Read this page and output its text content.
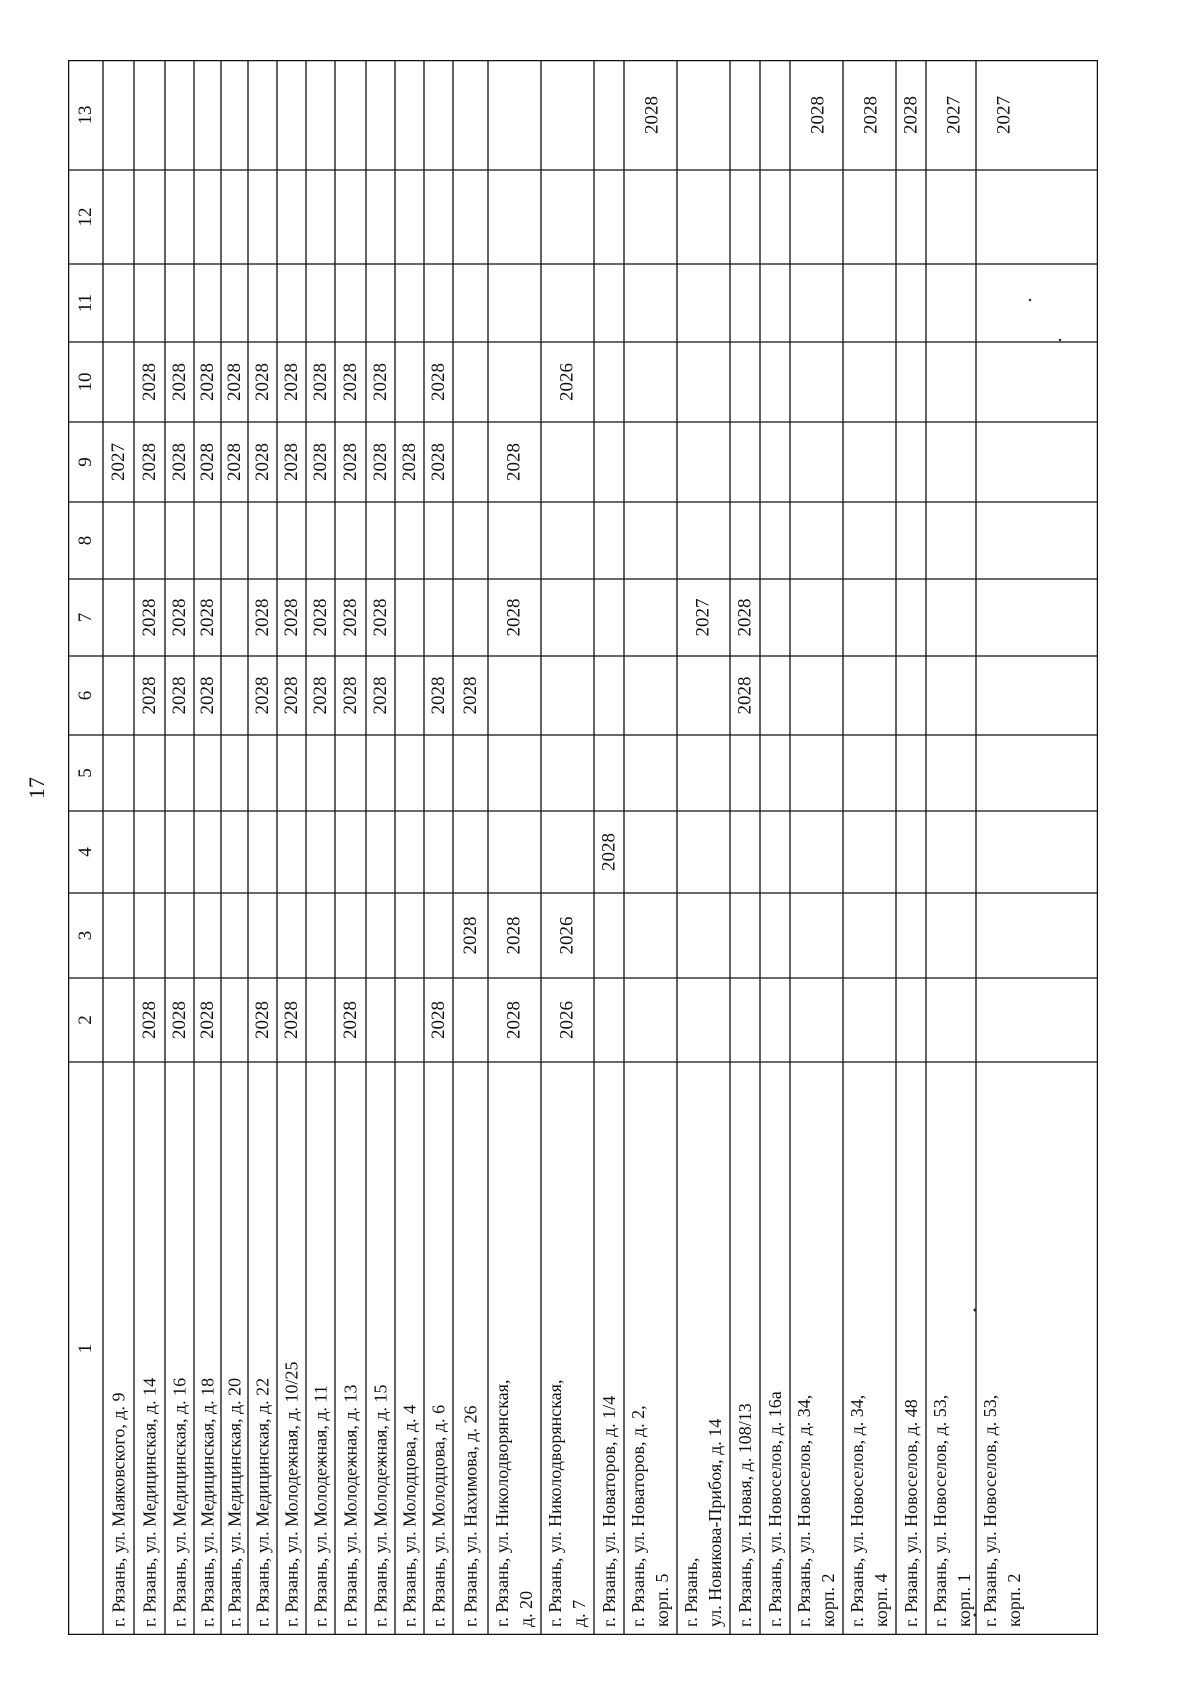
17
1
2
3
4
5
6
7
8
9
10
11
12
13
г. Рязань, ул. Маяковского, д. 9
2027
г. Рязань, ул. Медицинская, д. 14
2028
2028
2028
2028
2028
г. Рязань, ул. Медицинская, д. 16
2028
2028
2028
2028
2028
г. Рязань, ул. Медицинская, д. 18
2028
2028
2028
2028
2028
г. Рязань, ул. Медицинская, д. 20
2028
2028
г. Рязань, ул. Медицинская, д. 22
2028
2028
2028
2028
2028
г. Рязань, ул. Молодежная, д. 10/25
2028
2028
2028
2028
2028
г. Рязань, ул. Молодежная, д. 11
2028
2028
2028
2028
г. Рязань, ул. Молодежная, д. 13
2028
2028
2028
2028
2028
г. Рязань, ул. Молодежная, д. 15
2028
2028
2028
2028
г. Рязань, ул. Молодцова, д. 4
2028
г. Рязань, ул. Молодцова, д. 6
2028
2028
2028
2028
г. Рязань, ул. Нахимова, д. 26
2028
2028
г. Рязань, ул. Николодворянская, д. 20
2028
2028
2028
2028
г. Рязань, ул. Николодворянская, д. 7
2026
2026
2026
г. Рязань, ул. Новаторов, д. 1/4
2028
г. Рязань, ул. Новаторов, д. 2, корп. 5
2028
г. Рязань, ул. Новикова-Прибоя, д. 14
2027
г. Рязань, ул. Новая, д. 108/13
2028
2028
г. Рязань, ул. Новоселов, д. 16а г. Рязань, ул. Новоселов, д. 34, корп. 2
2028
г. Рязань, ул. Новоселов, д. 34, корп. 4
2028
г. Рязань, ул. Новоселов, д. 48
2028
г. Рязань, ул. Новоселов, д. 53, корп. 1
2027
г. Рязань, ул. Новоселов, д. 53, корп. 2
2027
